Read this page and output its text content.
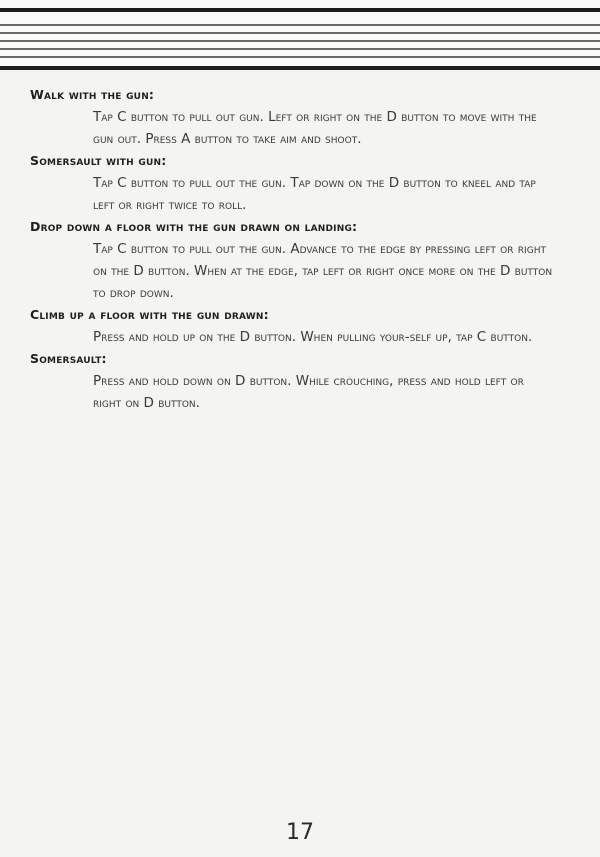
Walk with the gun:

Tap C button to pull out gun. Left or right on the D button to move with the gun out. Press A button to take aim and shoot.

Somersault with gun:

Tap C button to pull out the gun. Tap down on the D button to kneel and tap left or right twice to roll.

Drop down a floor with the gun drawn on landing:

Tap C button to pull out the gun. Advance to the edge by pressing left or right on the D button. When at the edge, tap left or right once more on the D button to drop down.

Climb up a floor with the gun drawn:

Press and hold up on the D button. When pulling your-self up, tap C button.

Somersault:

Press and hold down on D button. While crouching, press and hold left or right on D button.

17
